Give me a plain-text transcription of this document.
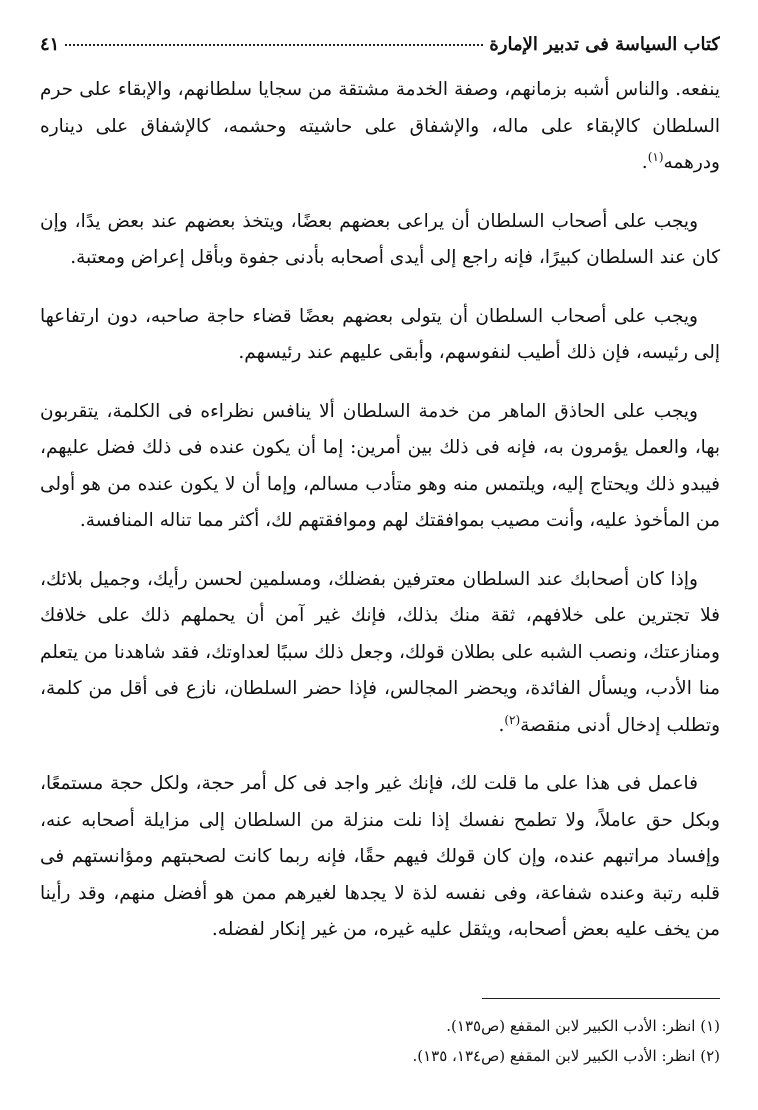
كتاب السياسة فى تدبير الإمارة
٤١

ينفعه. والناس أشبه بزمانهم، وصفة الخدمة مشتقة من سجايا سلطانهم، والإبقاء على حرم السلطان كالإبقاء على ماله، والإشفاق على حاشيته وحشمه، كالإشفاق على ديناره ودرهمه$^{(١)}$.

ويجب على أصحاب السلطان أن يراعى بعضهم بعضًا، ويتخذ بعضهم عند بعض يدًا، وإن كان عند السلطان كبيرًا، فإنه راجع إلى أيدى أصحابه بأدنى جفوة وبأقل إعراض ومعتبة.

ويجب على أصحاب السلطان أن يتولى بعضهم بعضًا قضاء حاجة صاحبه، دون ارتفاعها إلى رئيسه، فإن ذلك أطيب لنفوسهم، وأبقى عليهم عند رئيسهم.

ويجب على الحاذق الماهر من خدمة السلطان ألا ينافس نظراءه فى الكلمة، يتقربون بها، والعمل يؤمرون به، فإنه فى ذلك بين أمرين: إما أن يكون عنده فى ذلك فضل عليهم، فيبدو ذلك ويحتاج إليه، ويلتمس منه وهو متأدب مسالم، وإما أن لا يكون عنده من هو أولى من المأخوذ عليه، وأنت مصيب بموافقتك لهم وموافقتهم لك، أكثر مما تناله المنافسة.

وإذا كان أصحابك عند السلطان معترفين بفضلك، ومسلمين لحسن رأيك، وجميل بلائك، فلا تجترين على خلافهم، ثقة منك بذلك، فإنك غير آمن أن يحملهم ذلك على خلافك ومنازعتك، ونصب الشبه على بطلان قولك، وجعل ذلك سببًا لعداوتك، فقد شاهدنا من يتعلم منا الأدب، ويسأل الفائدة، ويحضر المجالس، فإذا حضر السلطان، نازع فى أقل من كلمة، وتطلب إدخال أدنى منقصة$^{(٢)}$.

فاعمل فى هذا على ما قلت لك، فإنك غير واجد فى كل أمر حجة، ولكل حجة مستمعًا، وبكل حق عاملاً، ولا تطمح نفسك إذا نلت منزلة من السلطان إلى مزايلة أصحابه عنه، وإفساد مراتبهم عنده، وإن كان قولك فيهم حقًا، فإنه ربما كانت لصحبتهم ومؤانستهم فى قلبه رتبة وعنده شفاعة، وفى نفسه لذة لا يجدها لغيرهم ممن هو أفضل منهم، وقد رأينا من يخف عليه بعض أصحابه، ويثقل عليه غيره، من غير إنكار لفضله.

(١) انظر: الأدب الكبير لابن المقفع (ص١٣٥).

(٢) انظر: الأدب الكبير لابن المقفع (ص١٣٤، ١٣٥).
